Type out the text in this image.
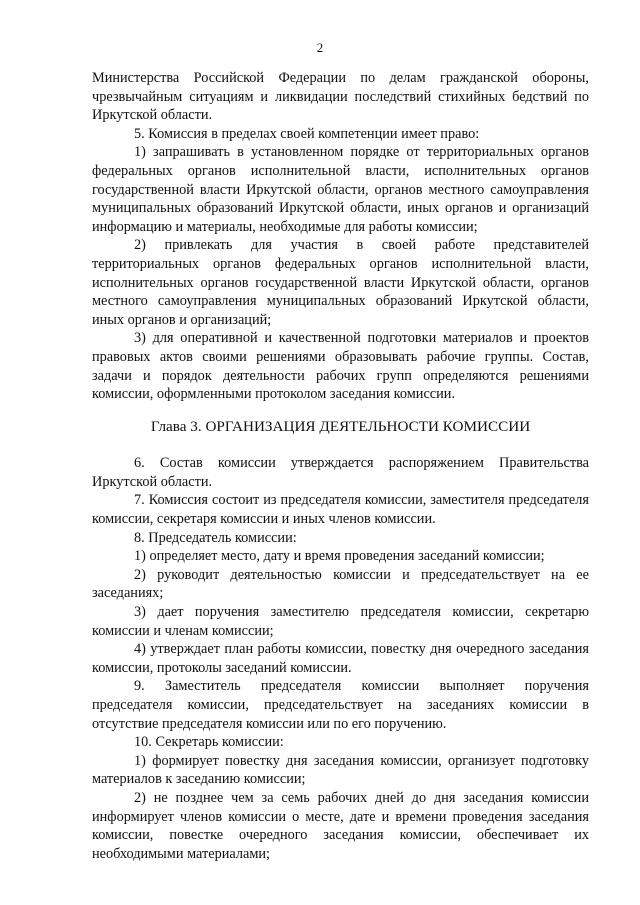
2

Министерства Российской Федерации по делам гражданской обороны, чрезвычайным ситуациям и ликвидации последствий стихийных бедствий по Иркутской области.

5. Комиссия в пределах своей компетенции имеет право:

1) запрашивать в установленном порядке от территориальных органов федеральных органов исполнительной власти, исполнительных органов государственной власти Иркутской области, органов местного самоуправления муниципальных образований Иркутской области, иных органов и организаций информацию и материалы, необходимые для работы комиссии;

2) привлекать для участия в своей работе представителей территориальных органов федеральных органов исполнительной власти, исполнительных органов государственной власти Иркутской области, органов местного самоуправления муниципальных образований Иркутской области, иных органов и организаций;

3) для оперативной и качественной подготовки материалов и проектов правовых актов своими решениями образовывать рабочие группы. Состав, задачи и порядок деятельности рабочих групп определяются решениями комиссии, оформленными протоколом заседания комиссии.

Глава 3. ОРГАНИЗАЦИЯ ДЕЯТЕЛЬНОСТИ КОМИССИИ

6. Состав комиссии утверждается распоряжением Правительства Иркутской области.

7. Комиссия состоит из председателя комиссии, заместителя председателя комиссии, секретаря комиссии и иных членов комиссии.

8. Председатель комиссии:

1) определяет место, дату и время проведения заседаний комиссии;

2) руководит деятельностью комиссии и председательствует на ее заседаниях;

3) дает поручения заместителю председателя комиссии, секретарю комиссии и членам комиссии;

4) утверждает план работы комиссии, повестку дня очередного заседания комиссии, протоколы заседаний комиссии.

9. Заместитель председателя комиссии выполняет поручения председателя комиссии, председательствует на заседаниях комиссии в отсутствие председателя комиссии или по его поручению.

10. Секретарь комиссии:

1) формирует повестку дня заседания комиссии, организует подготовку материалов к заседанию комиссии;

2) не позднее чем за семь рабочих дней до дня заседания комиссии информирует членов комиссии о месте, дате и времени проведения заседания комиссии, повестке очередного заседания комиссии, обеспечивает их необходимыми материалами;
